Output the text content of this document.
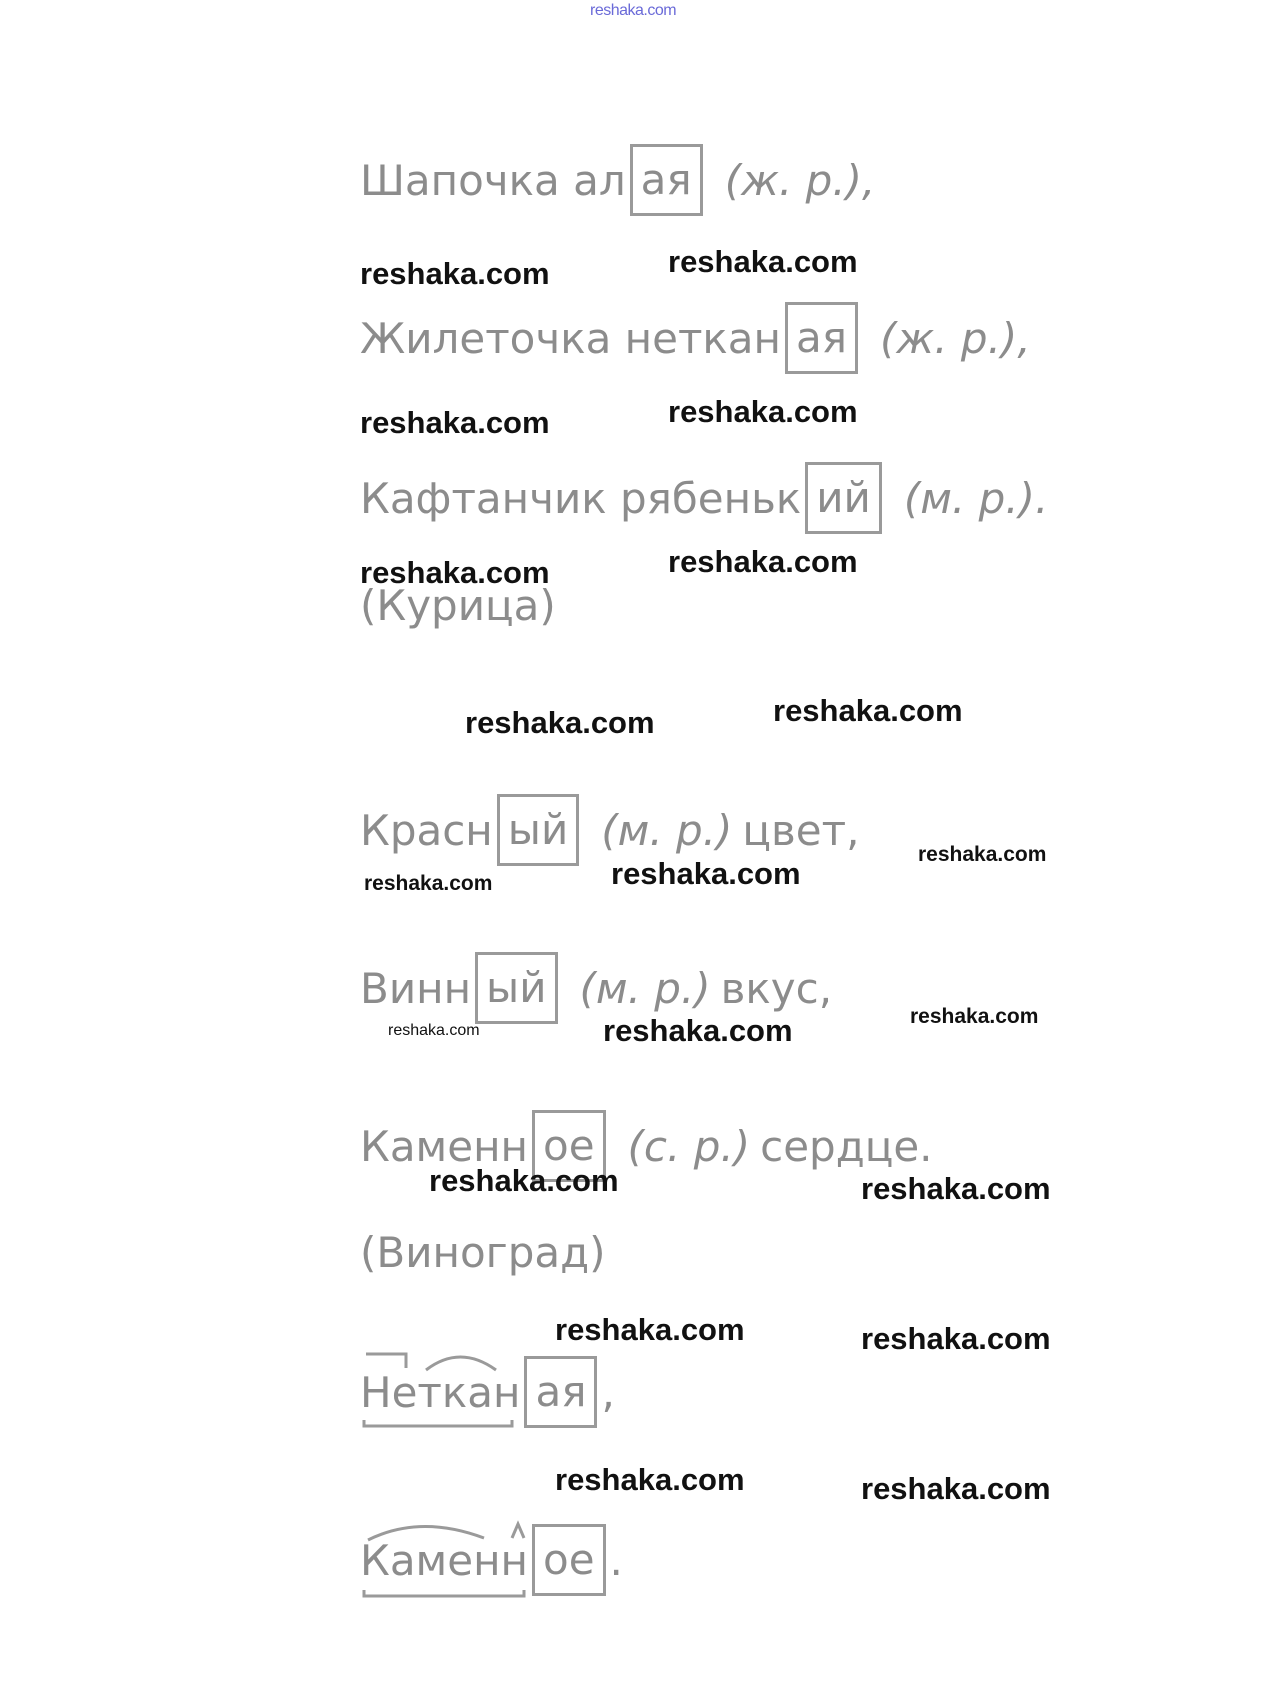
reshaka.com
Шапочка ал ая (ж. р.) ,
Жилеточка неткан ая (ж. р.) ,
Кафтанчик рябеньк ий (м. р.) .
(Курица)
Красн ый (м. р.) цвет,
Винн ый (м. р.) вкус,
Каменн ое (с. р.) сердце.
(Виноград)
Неткан ая ,
Каменн ое .
reshaka.com	reshaka.com
reshaka.com	reshaka.com
reshaka.com	reshaka.com
reshaka.com	reshaka.com
reshaka.com
reshaka.com	reshaka.com
reshaka.com
reshaka.com	reshaka.com
reshaka.com	reshaka.com
reshaka.com	reshaka.com
reshaka.com	reshaka.com
